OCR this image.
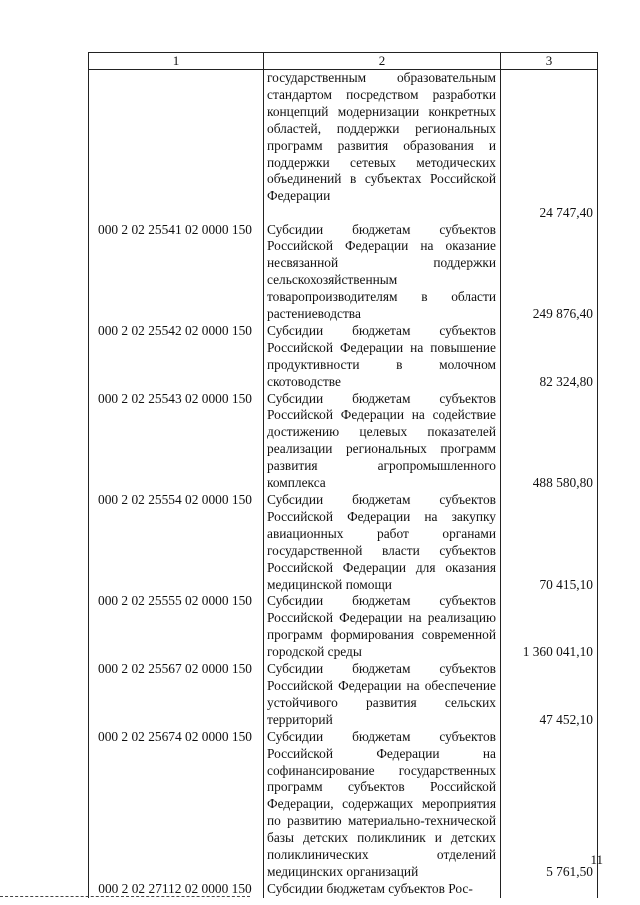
1	2	3
	государственным образовательным стандартом посредством разработки концепций модернизации конкретных областей, поддержки региональных программ развития образования и поддержки сетевых методических объединений в субъектах Российской Федерации	24 747,40
000 2 02 25541 02 0000 150	Субсидии бюджетам субъектов Российской Федерации на оказание несвязанной поддержки сельскохозяйственным товаропроизводителям в области растениеводства	249 876,40
000 2 02 25542 02 0000 150	Субсидии бюджетам субъектов Российской Федерации на повышение продуктивности в молочном скотоводстве	82 324,80
000 2 02 25543 02 0000 150	Субсидии бюджетам субъектов Российской Федерации на содействие достижению целевых показателей реализации региональных программ развития агропромышленного комплекса	488 580,80
000 2 02 25554 02 0000 150	Субсидии бюджетам субъектов Российской Федерации на закупку авиационных работ органами государственной власти субъектов Российской Федерации для оказания медицинской помощи	70 415,10
000 2 02 25555 02 0000 150	Субсидии бюджетам субъектов Российской Федерации на реализацию программ формирования современной городской среды	1 360 041,10
000 2 02 25567 02 0000 150	Субсидии бюджетам субъектов Российской Федерации на обеспечение устойчивого развития сельских территорий	47 452,10
000 2 02 25674 02 0000 150	Субсидии бюджетам субъектов Российской Федерации на софинансирование государственных программ субъектов Российской Федерации, содержащих мероприятия по развитию материально-технической базы детских поликлиник и детских поликлинических отделений медицинских организаций	5 761,50
000 2 02 27112 02 0000 150	Субсидии бюджетам субъектов Рос-	
11
